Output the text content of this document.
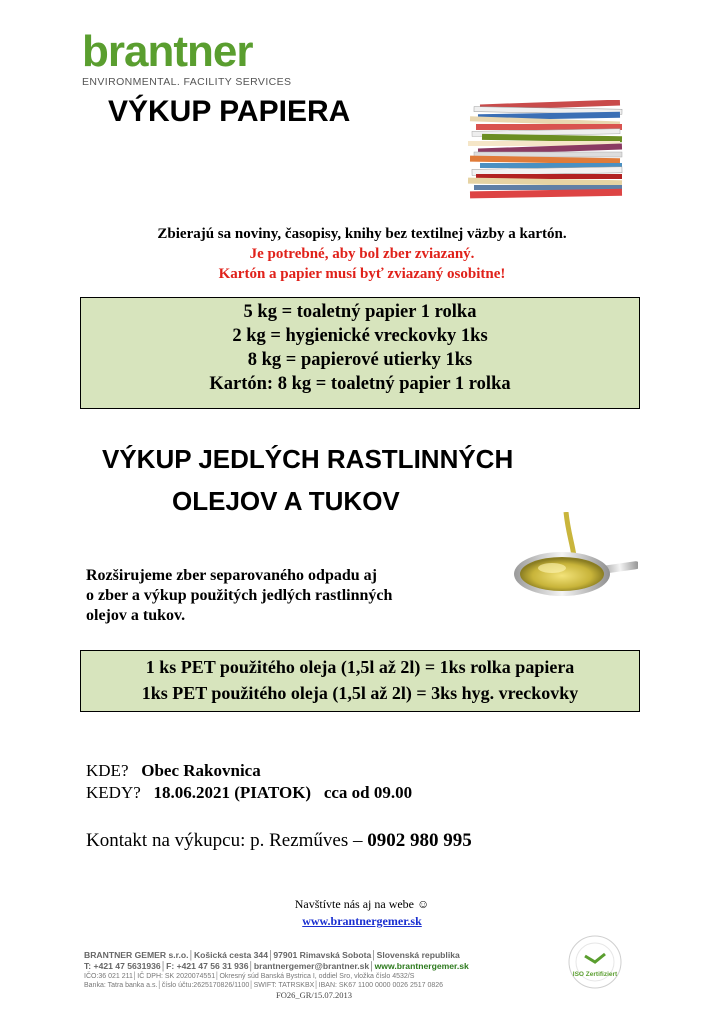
brantner
ENVIRONMENTAL. FACILITY SERVICES
VÝKUP PAPIERA
Zbierajú sa noviny, časopisy, knihy bez textilnej väzby a kartón.
Je potrebné, aby bol zber zviazaný.
Kartón a papier musí byť zviazaný osobitne!
5 kg = toaletný papier 1 rolka
2 kg = hygienické vreckovky 1ks
8 kg = papierové utierky 1ks
Kartón: 8 kg = toaletný papier 1 rolka
VÝKUP JEDLÝCH RASTLINNÝCH
OLEJOV A TUKOV
Rozširujeme zber separovaného odpadu aj
o zber a výkup použitých jedlých rastlinných
olejov a tukov.
1 ks PET použitého oleja (1,5l až 2l) = 1ks rolka papiera
1ks PET použitého oleja (1,5l až 2l) = 3ks hyg. vreckovky
KDE? Obec Rakovnica
KEDY? 18.06.2021 (PIATOK) cca od 09.00
Kontakt na výkupcu: p. Rezműves – 0902 980 995
Navštívte nás aj na webe ☺
www.brantnergemer.sk
BRANTNER GEMER s.r.o.│Košická cesta 344│97901 Rimavská Sobota│Slovenská republika
T: +421 47 5631936│F: +421 47 56 31 936│brantnergemer@brantner.sk│www.brantnergemer.sk
IČO:36 021 211│IČ DPH: SK 2020074551│Okresný súd Banská Bystrica I, oddiel Sro, vložka číslo 4532/S
Banka: Tatra banka a.s.│číslo účtu:2625170826/1100│SWIFT: TATRSKBX│IBAN: SK67 1100 0000 0026 2517 0826
FO26_GR/15.07.2013
ISO Zertifiziert
